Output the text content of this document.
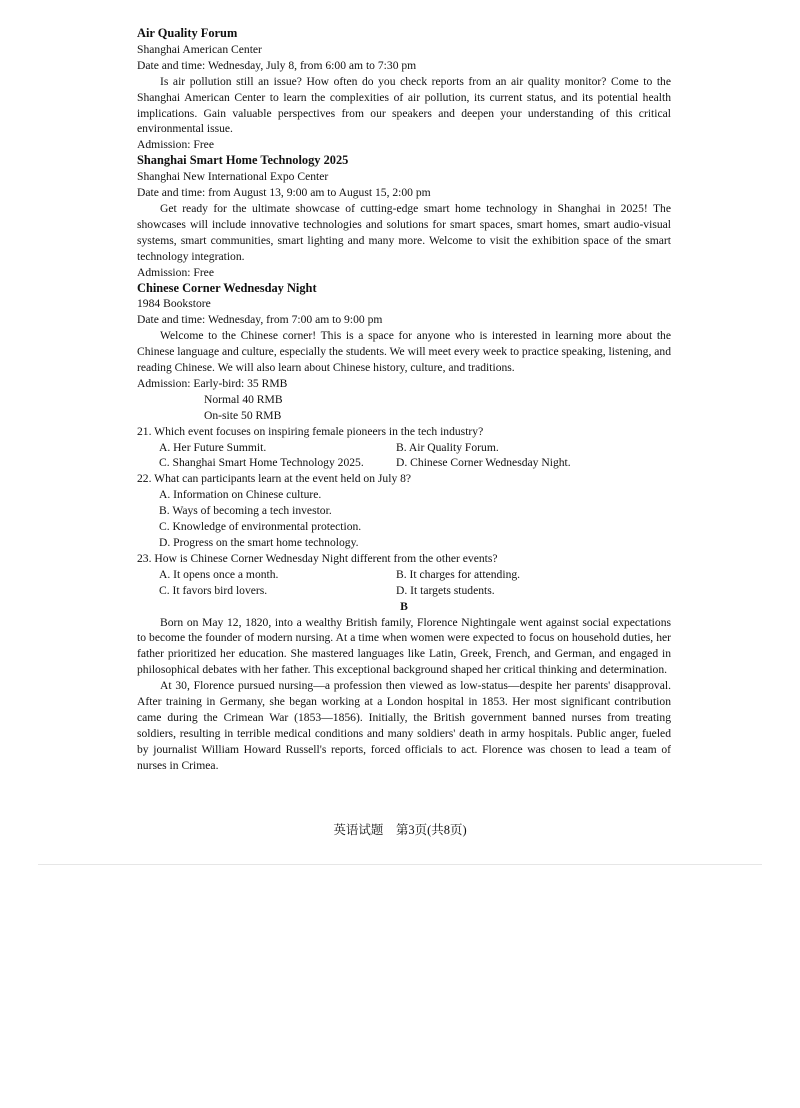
Air Quality Forum
Shanghai American Center
Date and time: Wednesday, July 8, from 6:00 am to 7:30 pm

Is air pollution still an issue? How often do you check reports from an air quality monitor? Come to the Shanghai American Center to learn the complexities of air pollution, its current status, and its potential health implications. Gain valuable perspectives from our speakers and deepen your understanding of this critical environmental issue.

Admission: Free
Shanghai Smart Home Technology 2025
Shanghai New International Expo Center
Date and time: from August 13, 9:00 am to August 15, 2:00 pm

Get ready for the ultimate showcase of cutting-edge smart home technology in Shanghai in 2025! The showcases will include innovative technologies and solutions for smart spaces, smart homes, smart audio-visual systems, smart communities, smart lighting and many more. Welcome to visit the exhibition space of the smart technology integration.

Admission: Free
Chinese Corner Wednesday Night
1984 Bookstore
Date and time: Wednesday, from 7:00 am to 9:00 pm

Welcome to the Chinese corner! This is a space for anyone who is interested in learning more about the Chinese language and culture, especially the students. We will meet every week to practice speaking, listening, and reading Chinese. We will also learn about Chinese history, culture, and traditions.

Admission: Early-bird: 35 RMB
Normal 40 RMB
On-site 50 RMB
21. Which event focuses on inspiring female pioneers in the tech industry?
A. Her Future Summit.	B. Air Quality Forum.
C. Shanghai Smart Home Technology 2025.	D. Chinese Corner Wednesday Night.
22. What can participants learn at the event held on July 8?
A. Information on Chinese culture.
B. Ways of becoming a tech investor.
C. Knowledge of environmental protection.
D. Progress on the smart home technology.
23. How is Chinese Corner Wednesday Night different from the other events?
A. It opens once a month.	B. It charges for attending.
C. It favors bird lovers.	D. It targets students.
B

Born on May 12, 1820, into a wealthy British family, Florence Nightingale went against social expectations to become the founder of modern nursing. At a time when women were expected to focus on household duties, her father prioritized her education. She mastered languages like Latin, Greek, French, and German, and engaged in philosophical debates with her father. This exceptional background shaped her critical thinking and determination.

At 30, Florence pursued nursing—a profession then viewed as low-status—despite her parents' disapproval. After training in Germany, she began working at a London hospital in 1853. Her most significant contribution came during the Crimean War (1853—1856). Initially, the British government banned nurses from treating soldiers, resulting in terrible medical conditions and many soldiers' death in army hospitals. Public anger, fueled by journalist William Howard Russell's reports, forced officials to act. Florence was chosen to lead a team of nurses in Crimea.

英语试题　第3页(共8页)
